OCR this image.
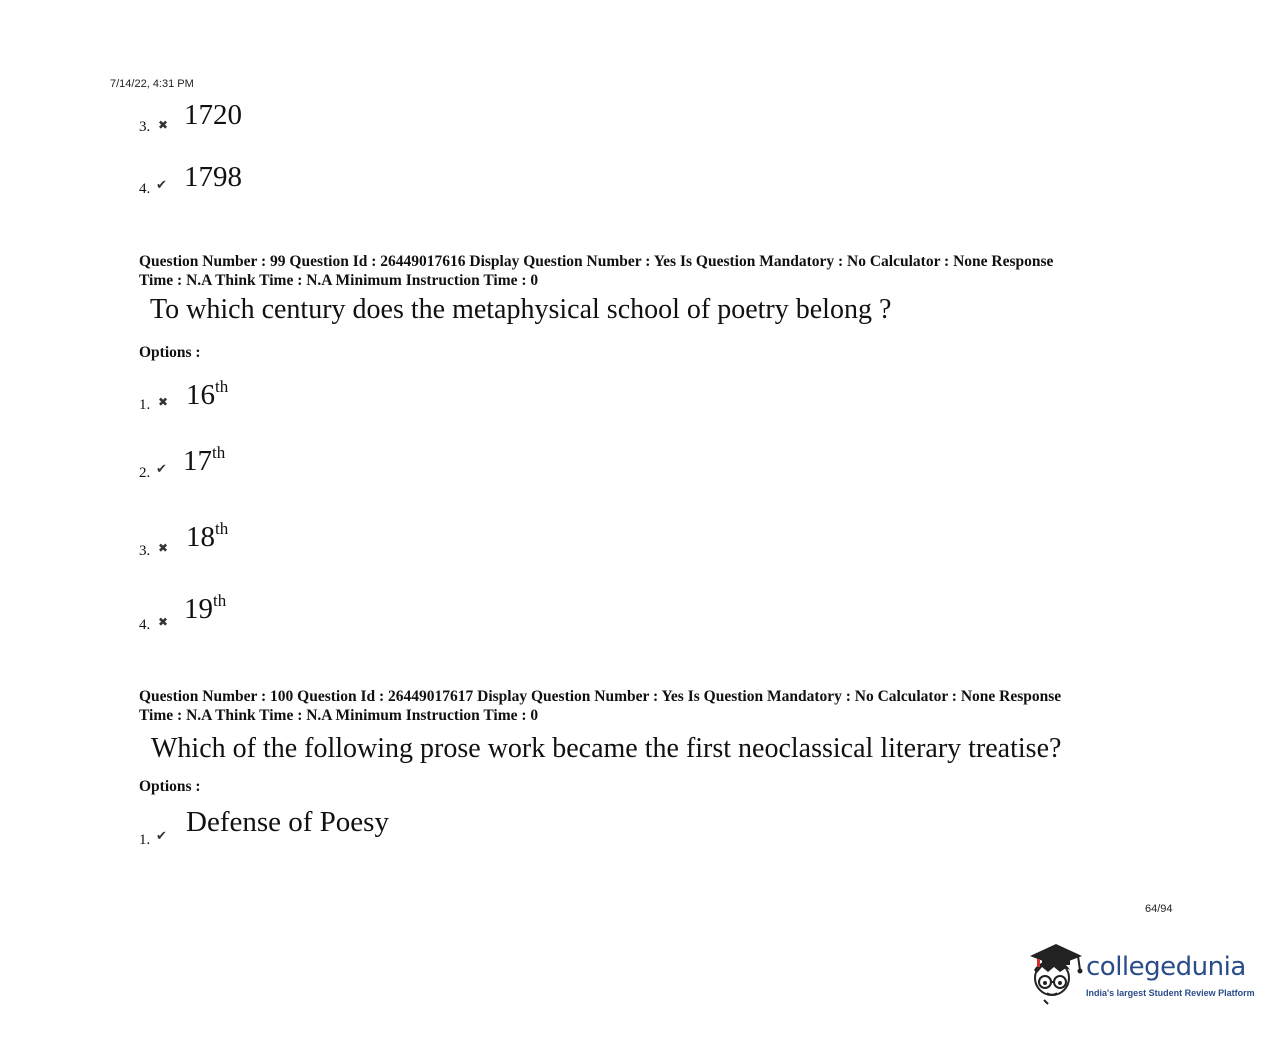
7/14/22, 4:31 PM
3. ✖ 1720
4. ✔ 1798
Question Number : 99 Question Id : 26449017616 Display Question Number : Yes Is Question Mandatory : No Calculator : None Response
Time : N.A Think Time : N.A Minimum Instruction Time : 0
To which century does the metaphysical school of poetry belong ?
Options :
1. ✖ 16th
2. ✔ 17th
3. ✖ 18th
4. ✖ 19th
Question Number : 100 Question Id : 26449017617 Display Question Number : Yes Is Question Mandatory : No Calculator : None Response
Time : N.A Think Time : N.A Minimum Instruction Time : 0
Which of the following prose work became the first neoclassical literary treatise?
Options :
1. ✔ Defense of Poesy
64/94
collegedunia
India's largest Student Review Platform
